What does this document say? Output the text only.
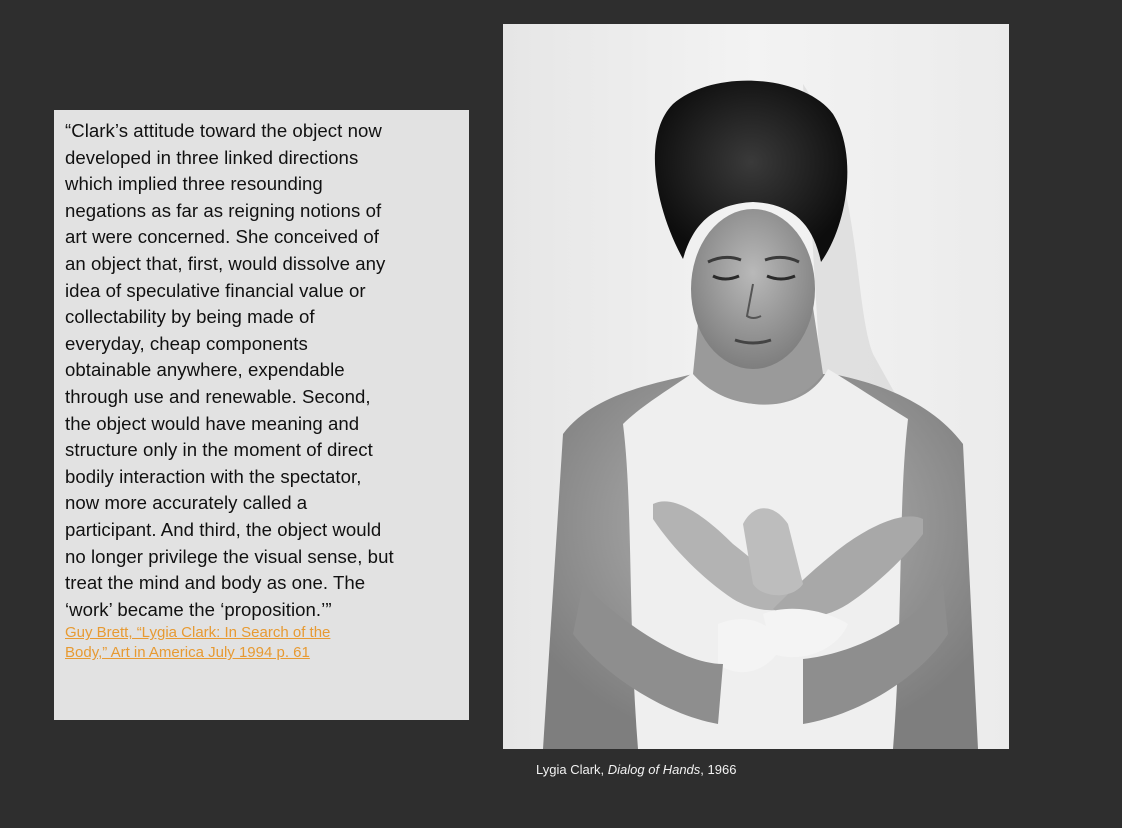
“Clark’s attitude toward the object now
developed in three linked directions
which implied three resounding
negations as far as reigning notions of
art were concerned. She conceived of
an object that, first, would dissolve any
idea of speculative financial value or
collectability by being made of
everyday, cheap components
obtainable anywhere, expendable
through use and renewable. Second,
the object would have meaning and
structure only in the moment of direct
bodily interaction with the spectator,
now more accurately called a
participant. And third, the object would
no longer privilege the visual sense, but
treat the mind and body as one. The
‘work’ became the ‘proposition.’”

Guy Brett, “Lygia Clark: In Search of the
Body,” Art in America July 1994 p. 61
Lygia Clark, Dialog of Hands, 1966
